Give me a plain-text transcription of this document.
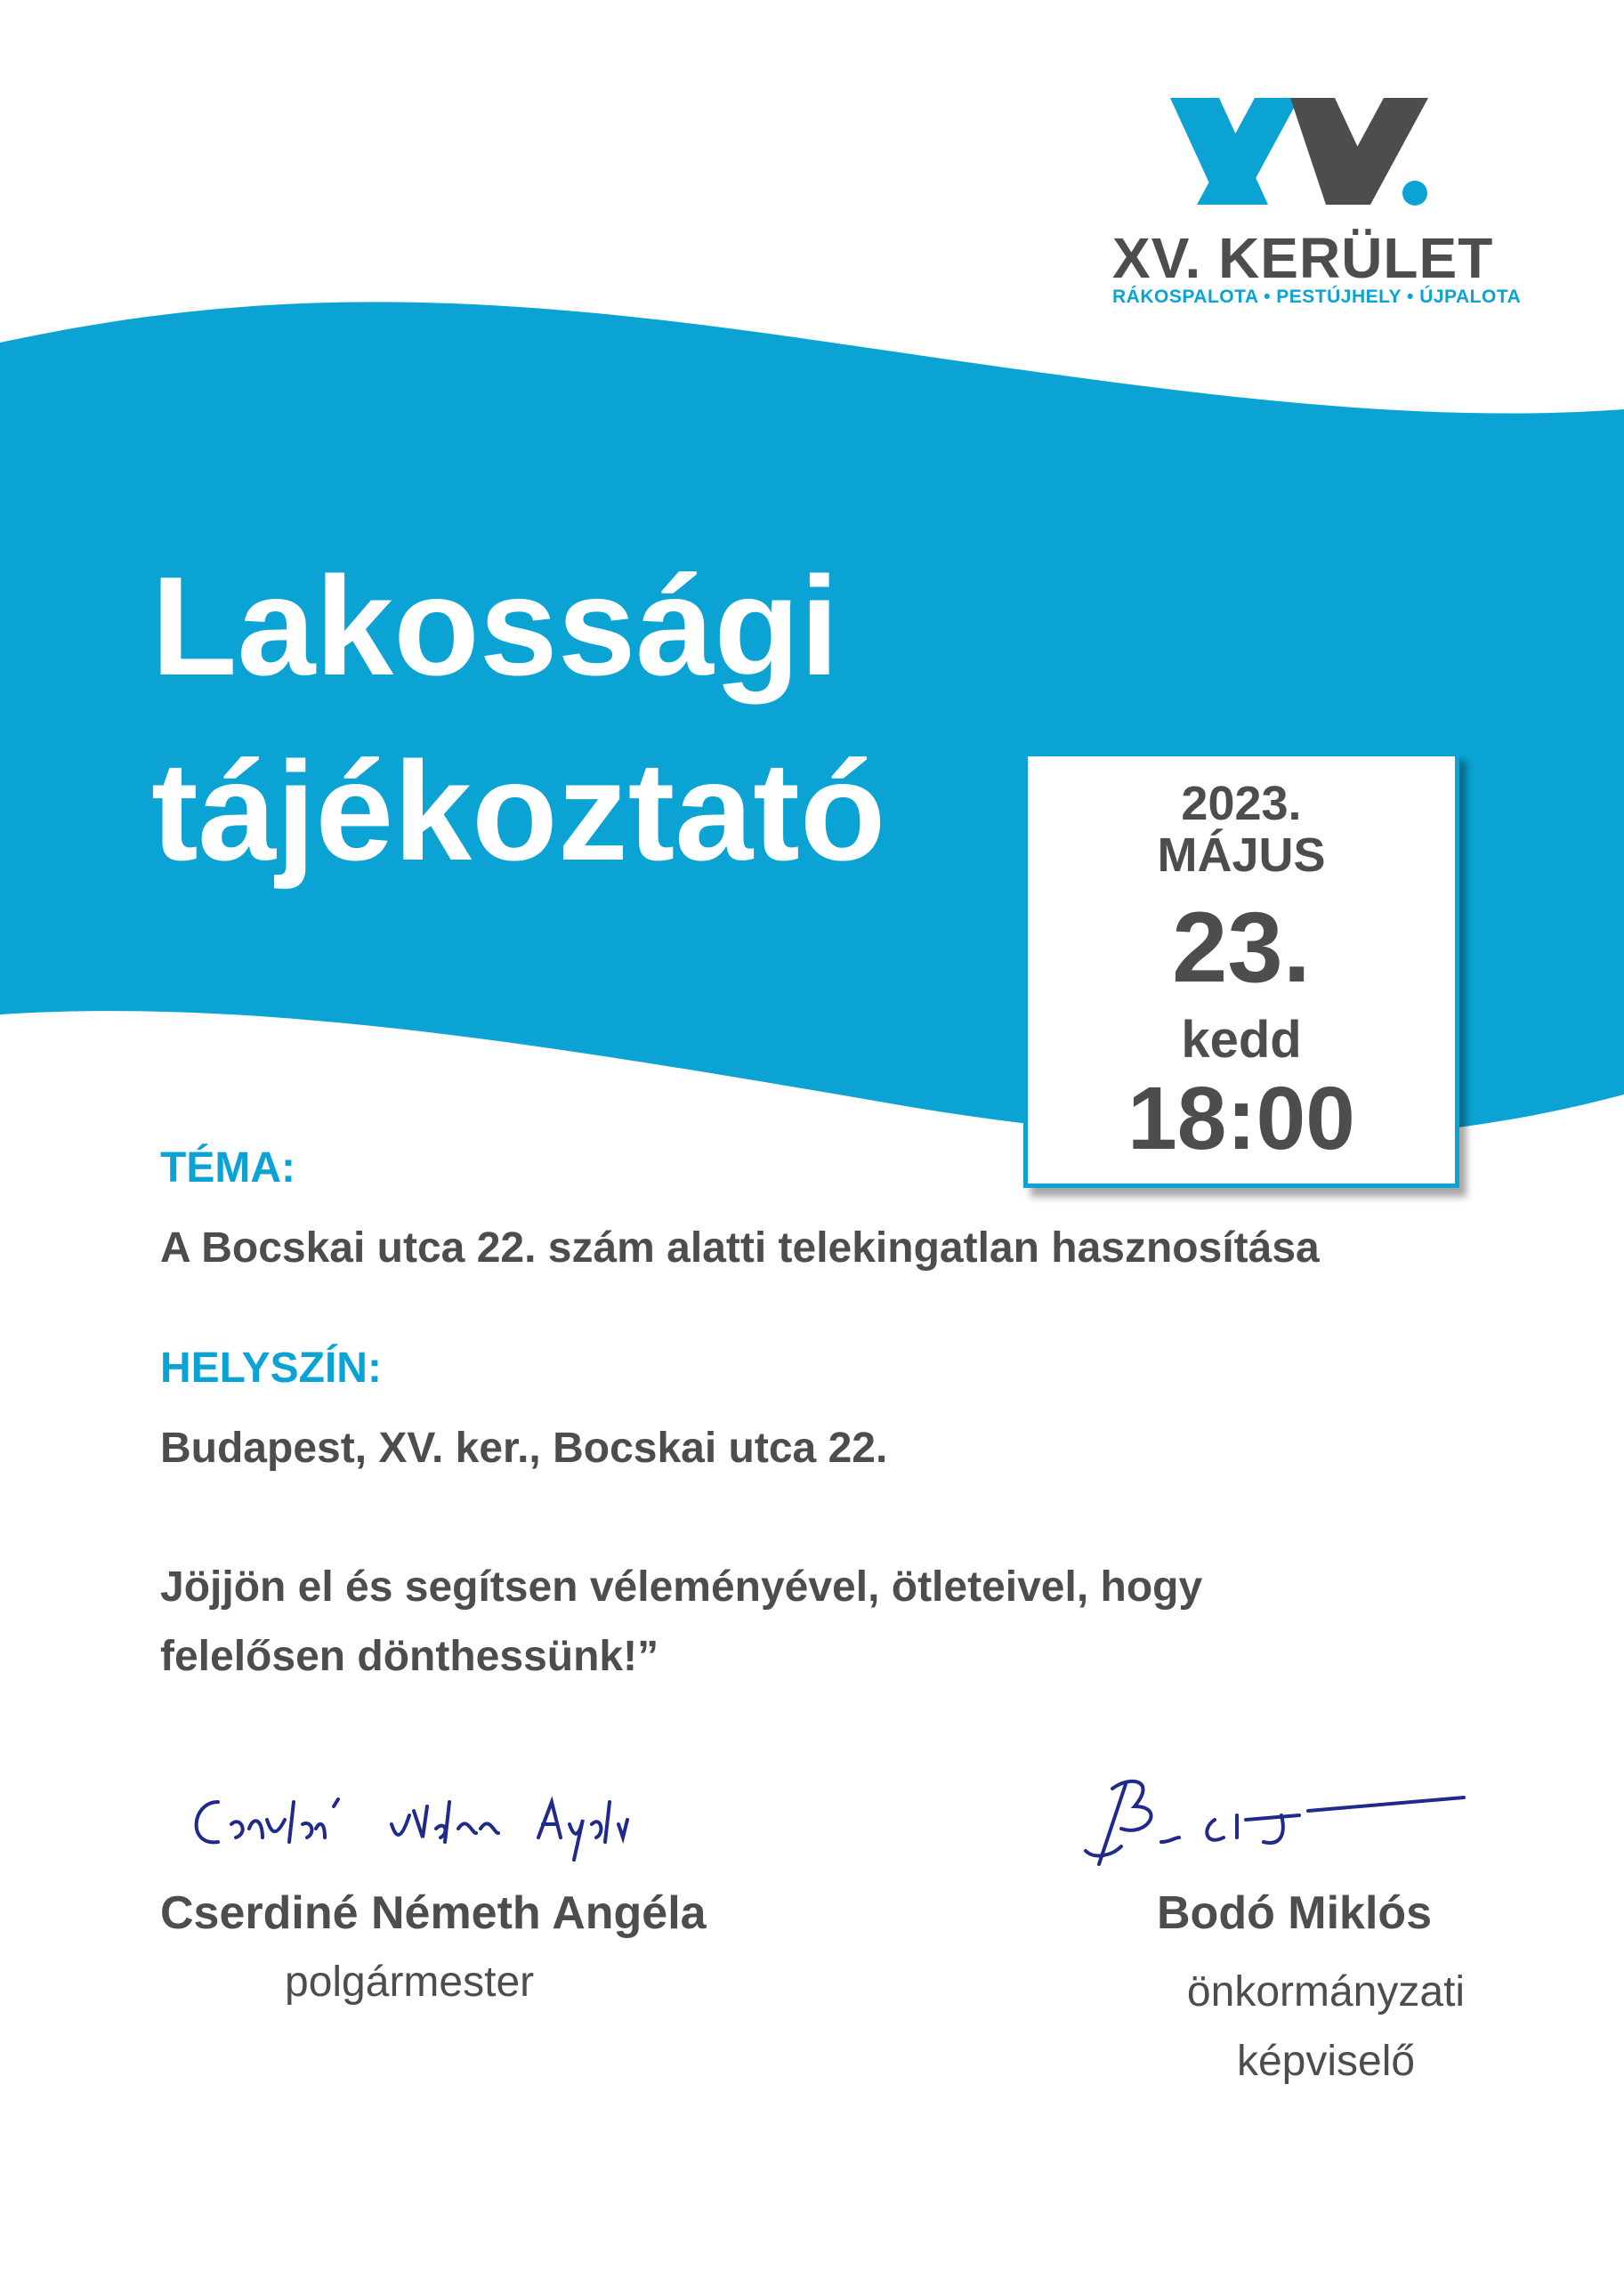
XV. KERÜLET
RÁKOSPALOTA • PESTÚJHELY • ÚJPALOTA
Lakossági
tájékoztató	2023.
MÁJUS
23.
kedd
18:00
TÉMA:
A Bocskai utca 22. szám alatti telekingatlan hasznosítása
HELYSZÍN:
Budapest, XV. ker., Bocskai utca 22.
Jöjjön el és segítsen véleményével, ötleteivel, hogy
felelősen dönthessünk!”
Cserdiné Németh Angéla
polgármester
Bodó Miklós
önkormányzati
képviselő
